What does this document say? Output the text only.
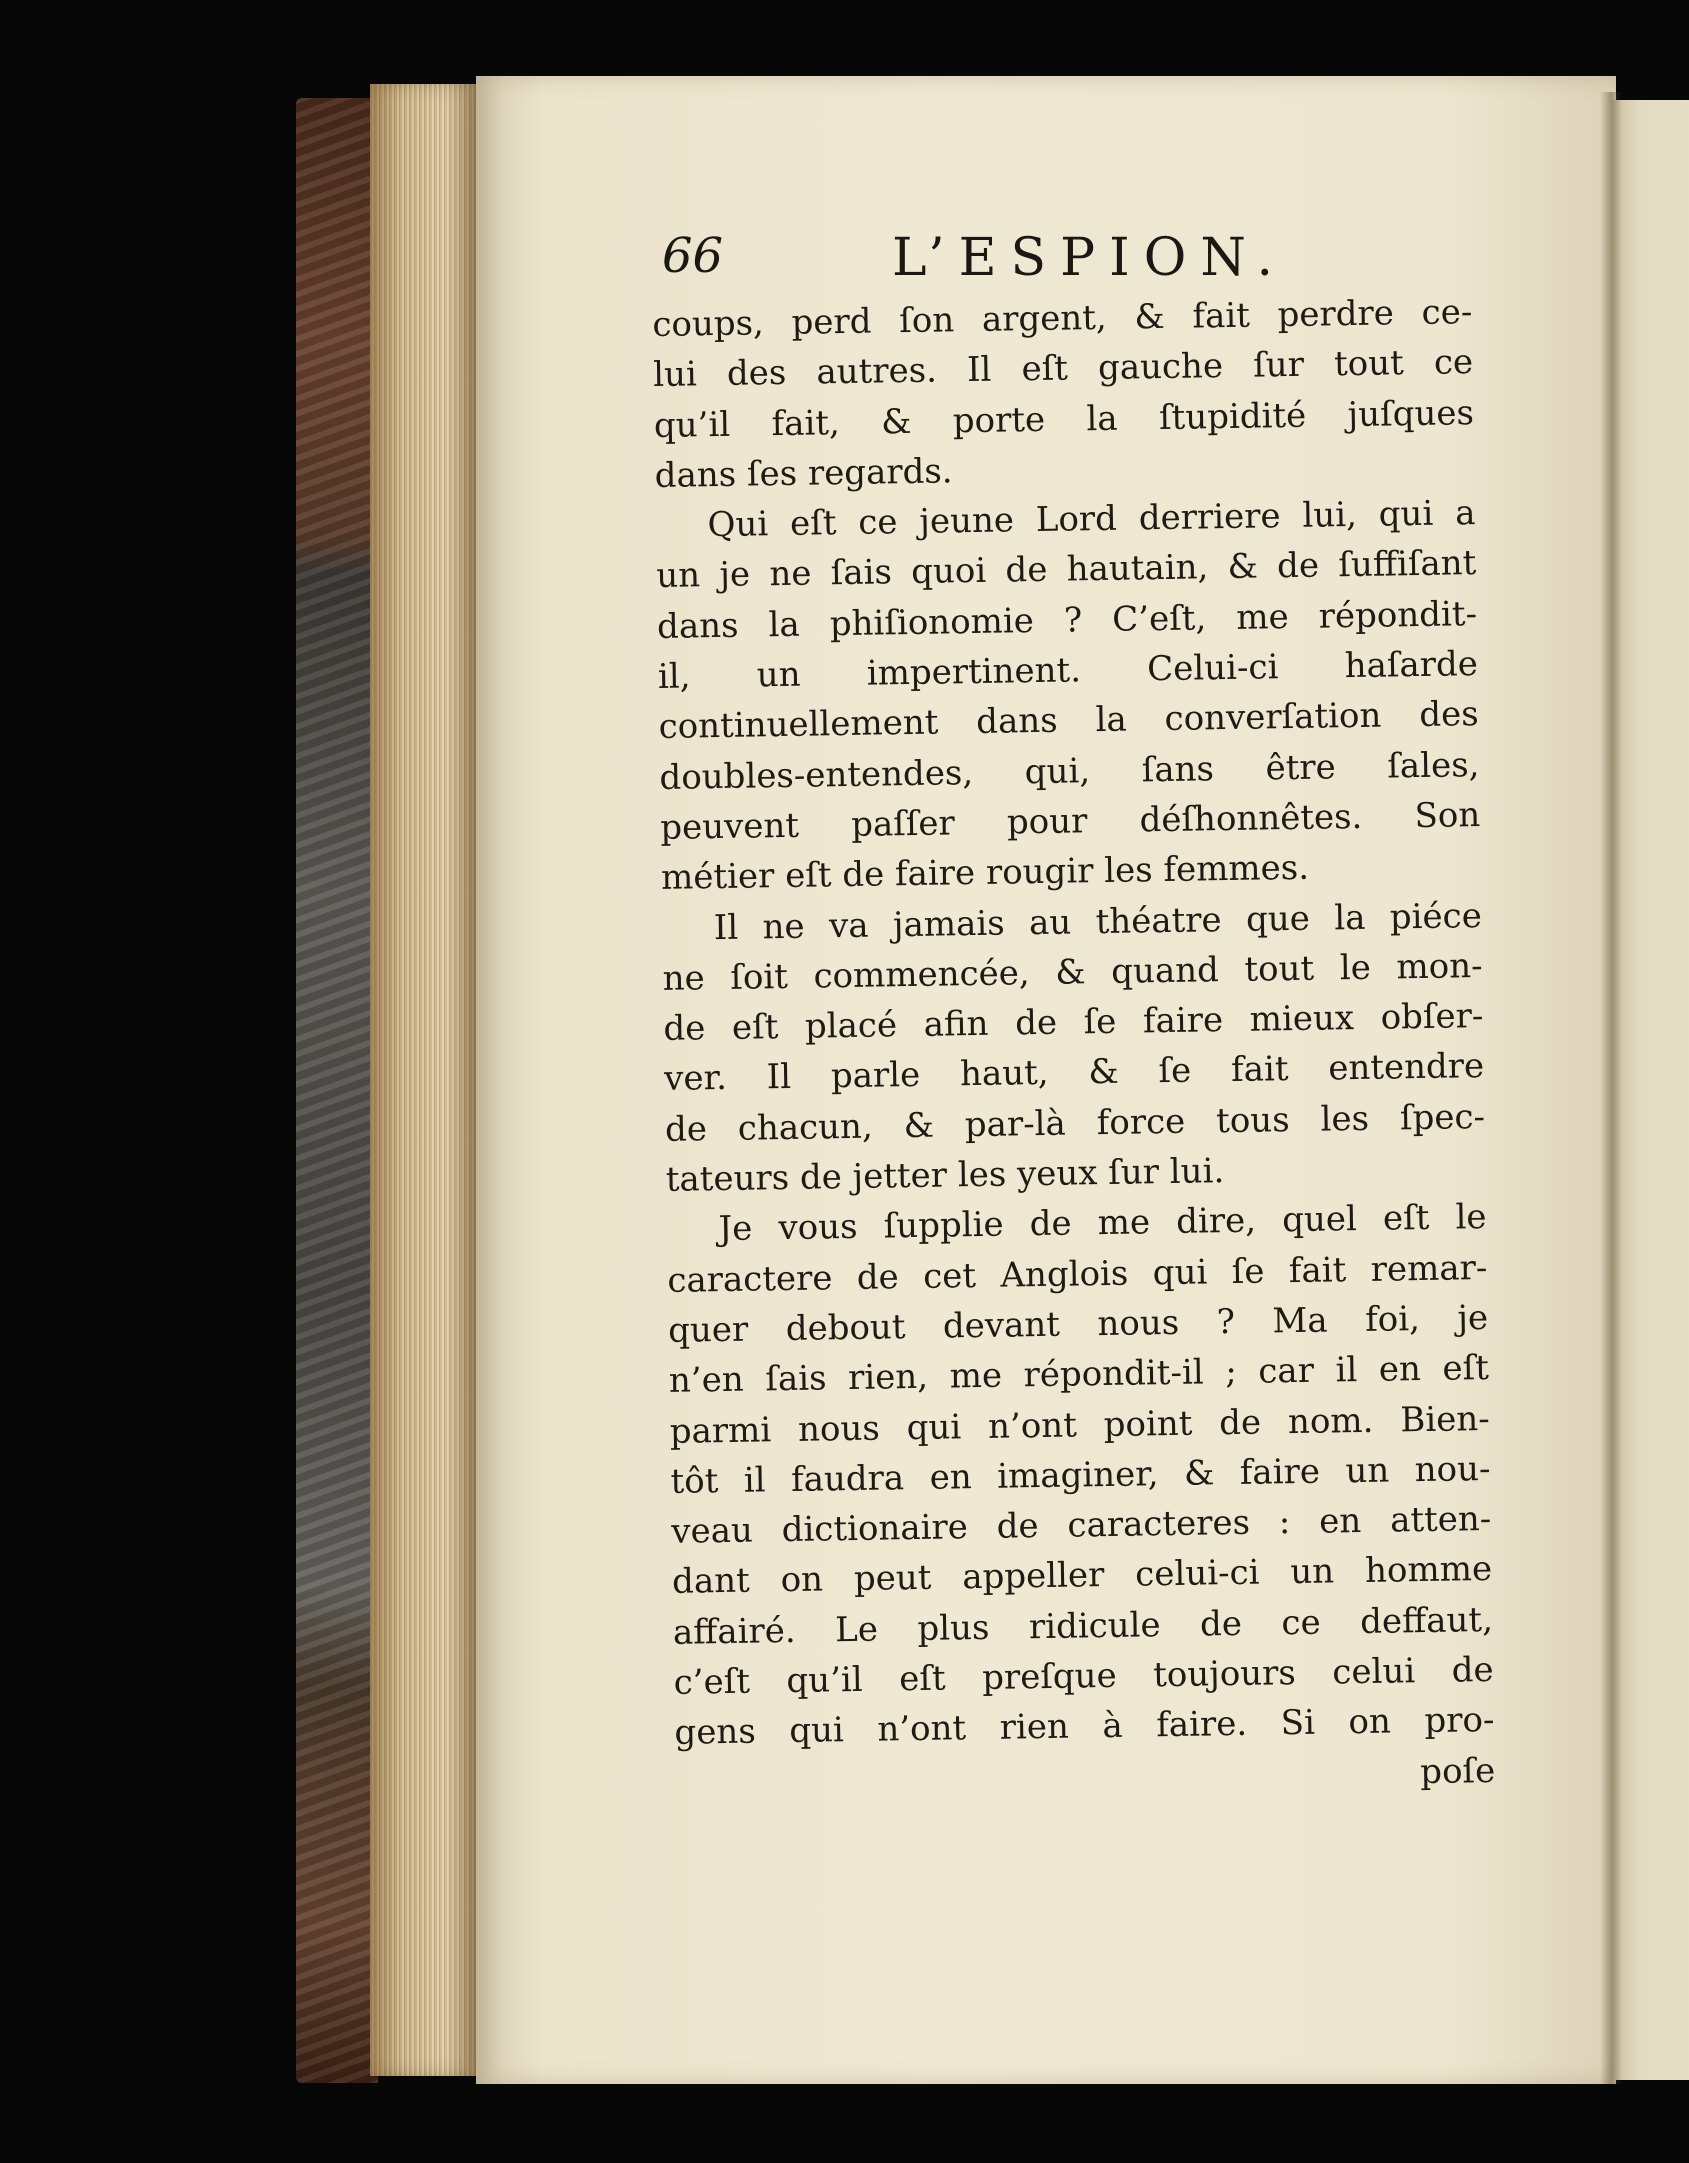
66	L’ESPION.
coups, perd ſon argent, & fait perdre ce-
lui des autres. Il eſt gauche ſur tout ce
qu’il fait, & porte la ſtupidité juſques
dans ſes regards.
Qui eſt ce jeune Lord derriere lui, qui a
un je ne ſais quoi de hautain, & de ſuffiſant
dans la phiſionomie ? C’eſt, me répondit-
il, un impertinent. Celui-ci haſarde
continuellement dans la converſation des
doubles-entendes, qui, ſans être ſales,
peuvent paſſer pour déſhonnêtes. Son
métier eſt de faire rougir les femmes.
Il ne va jamais au théatre que la piéce
ne ſoit commencée, & quand tout le mon-
de eſt placé afin de ſe faire mieux obſer-
ver. Il parle haut, & ſe fait entendre
de chacun, & par-là force tous les ſpec-
tateurs de jetter les yeux ſur lui.
Je vous ſupplie de me dire, quel eſt le
caractere de cet Anglois qui ſe fait remar-
quer debout devant nous ? Ma foi, je
n’en ſais rien, me répondit-il ; car il en eſt
parmi nous qui n’ont point de nom. Bien-
tôt il faudra en imaginer, & faire un nou-
veau dictionaire de caracteres : en atten-
dant on peut appeller celui-ci un homme
affairé. Le plus ridicule de ce deffaut,
c’eſt qu’il eſt preſque toujours celui de
gens qui n’ont rien à faire. Si on pro-
poſe
